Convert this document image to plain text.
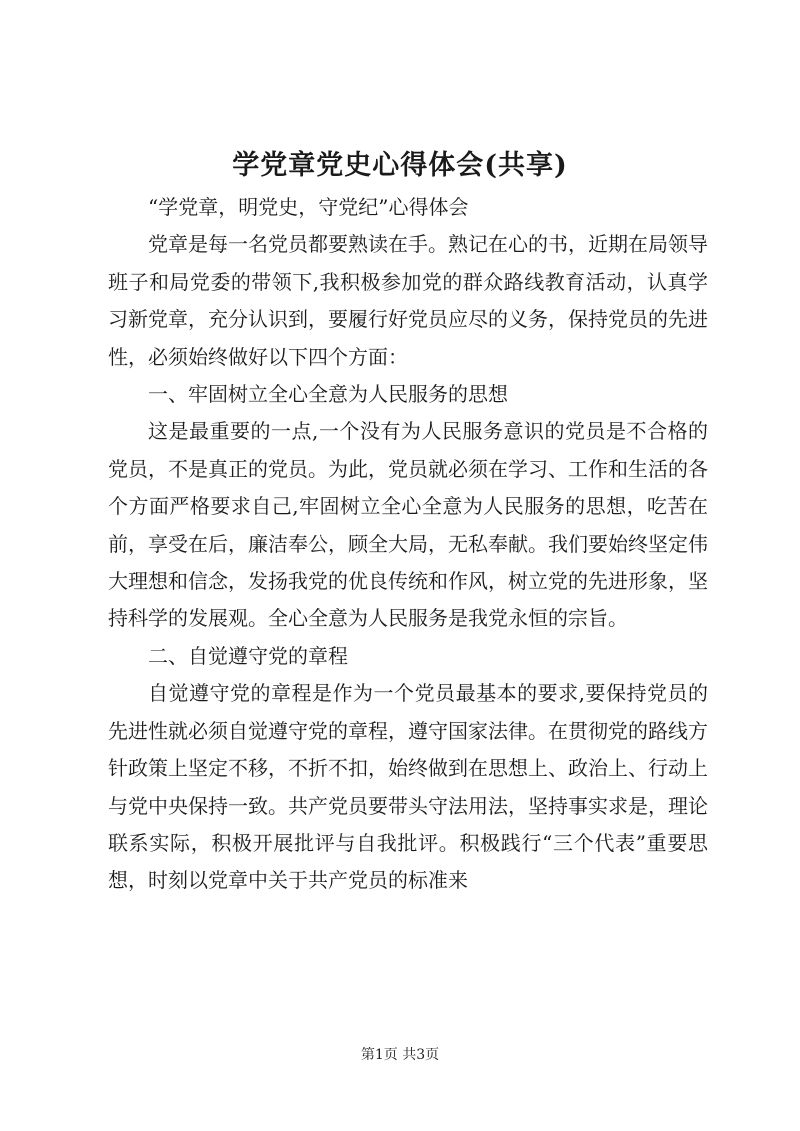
学党章党史心得体会(共享)

“学党章，明党史，守党纪”心得体会

党章是每一名党员都要熟读在手。熟记在心的书，近期在局领导班子和局党委的带领下,我积极参加党的群众路线教育活动，认真学习新党章，充分认识到，要履行好党员应尽的义务，保持党员的先进性，必须始终做好以下四个方面：

一、牢固树立全心全意为人民服务的思想

这是最重要的一点,一个没有为人民服务意识的党员是不合格的党员，不是真正的党员。为此，党员就必须在学习、工作和生活的各个方面严格要求自己,牢固树立全心全意为人民服务的思想，吃苦在前，享受在后，廉洁奉公，顾全大局，无私奉献。我们要始终坚定伟大理想和信念，发扬我党的优良传统和作风，树立党的先进形象，坚持科学的发展观。全心全意为人民服务是我党永恒的宗旨。

二、自觉遵守党的章程

自觉遵守党的章程是作为一个党员最基本的要求,要保持党员的先进性就必须自觉遵守党的章程，遵守国家法律。在贯彻党的路线方针政策上坚定不移，不折不扣，始终做到在思想上、政治上、行动上与党中央保持一致。共产党员要带头守法用法，坚持事实求是，理论联系实际，积极开展批评与自我批评。积极践行“三个代表”重要思想，时刻以党章中关于共产党员的标准来

第1页 共3页
